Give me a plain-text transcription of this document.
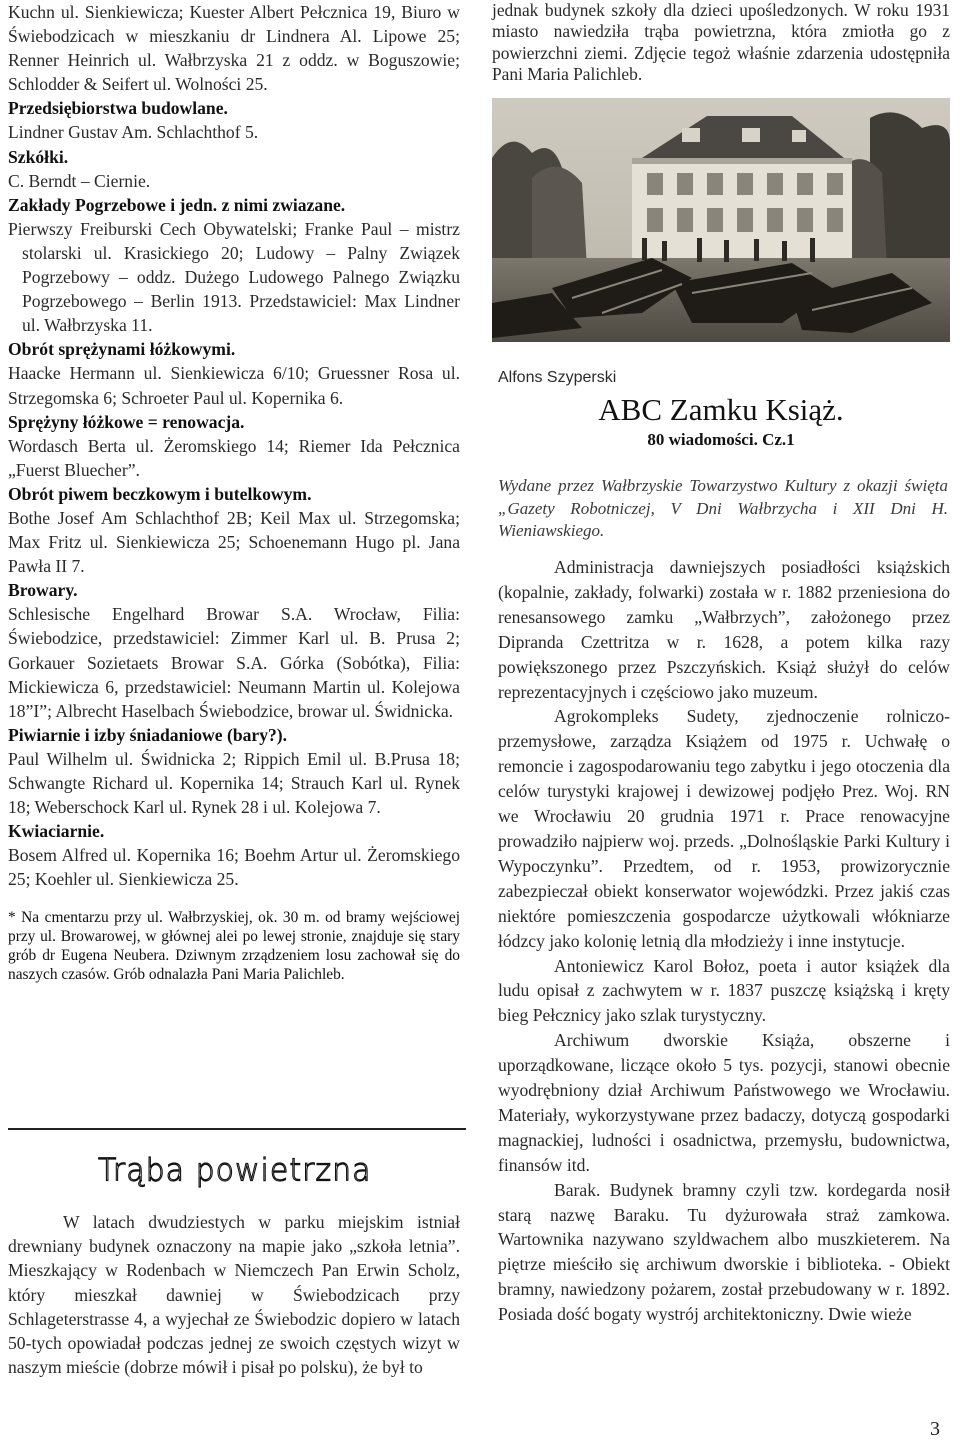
Kuchn ul. Sienkiewicza; Kuester Albert Pełcznica 19, Biuro w Świebodzicach w mieszkaniu dr Lindnera Al. Lipowe 25; Renner Heinrich ul. Wałbrzyska 21 z oddz. w Boguszowie; Schlodder & Seifert ul. Wolności 25.

Przedsiębiorstwa budowlane.

Lindner Gustav Am. Schlachthof 5.

Szkółki.

C. Berndt – Ciernie.

Zakłady Pogrzebowe i jedn. z nimi zwiazane.

Pierwszy Freiburski Cech Obywatelski; Franke Paul – mistrz stolarski ul. Krasickiego 20; Ludowy – Palny Związek Pogrzebowy – oddz. Dużego Ludowego Palnego Związku Pogrzebowego – Berlin 1913. Przedstawiciel: Max Lindner ul. Wałbrzyska 11.

Obrót sprężynami łóżkowymi.

Haacke Hermann ul. Sienkiewicza 6/10; Gruessner Rosa ul. Strzegomska 6; Schroeter Paul ul. Kopernika 6.

Sprężyny łóżkowe = renowacja.

Wordasch Berta ul. Żeromskiego 14; Riemer Ida Pełcznica „Fuerst Bluecher”.

Obrót piwem beczkowym i butelkowym.

Bothe Josef Am Schlachthof 2B; Keil Max ul. Strzegomska; Max Fritz ul. Sienkiewicza 25; Schoenemann Hugo pl. Jana Pawła II 7.

Browary.

Schlesische Engelhard Browar S.A. Wrocław, Filia: Świebodzice, przedstawiciel: Zimmer Karl ul. B. Prusa 2; Gorkauer Sozietaets Browar S.A. Górka (Sobótka), Filia: Mickiewicza 6, przedstawiciel: Neumann Martin ul. Kolejowa 18”I”; Albrecht Haselbach Świebodzice, browar ul. Świdnicka.

Piwiarnie i izby śniadaniowe (bary?).

Paul Wilhelm ul. Świdnicka 2; Rippich Emil ul. B.Prusa 18; Schwangte Richard ul. Kopernika 14; Strauch Karl ul. Rynek 18; Weberschock Karl ul. Rynek 28 i ul. Kolejowa 7.

Kwiaciarnie.

Bosem Alfred ul. Kopernika 16; Boehm Artur ul. Żeromskiego 25; Koehler ul. Sienkiewicza 25.

* Na cmentarzu przy ul. Wałbrzyskiej, ok. 30 m. od bramy wejściowej przy ul. Browarowej, w głównej alei po lewej stronie, znajduje się stary grób dr Eugena Neubera. Dziwnym zrządzeniem losu zachował się do naszych czasów. Grób odnalazła Pani Maria Palichleb.

Trąba powietrzna

W latach dwudziestych w parku miejskim istniał drewniany budynek oznaczony na mapie jako „szkoła letnia”. Mieszkający w Rodenbach w Niemczech Pan Erwin Scholz, który mieszkał dawniej w Świebodzicach przy Schlageterstrasse 4, a wyjechał ze Świebodzic dopiero w latach 50-tych opowiadał podczas jednej ze swoich częstych wizyt w naszym mieście (dobrze mówił i pisał po polsku), że był to

jednak budynek szkoły dla dzieci upośledzonych. W roku 1931 miasto nawiedziła trąba powietrzna, która zmiotła go z powierzchni ziemi. Zdjęcie tegoż właśnie zdarzenia udostępniła Pani Maria Palichleb.

Alfons Szyperski
ABC Zamku Książ.
80 wiadomości. Cz.1

Wydane przez Wałbrzyskie Towarzystwo Kultury z okazji święta „Gazety Robotniczej, V Dni Wałbrzycha i XII Dni H. Wieniawskiego.

Administracja dawniejszych posiadłości książskich (kopalnie, zakłady, folwarki) została w r. 1882 przeniesiona do renesansowego zamku „Wałbrzych”, założonego przez Dipranda Czettritza w r. 1628, a potem kilka razy powiększonego przez Pszczyńskich. Książ służył do celów reprezentacyjnych i częściowo jako muzeum.

Agrokompleks Sudety, zjednoczenie rolniczo-przemysłowe, zarządza Książem od 1975 r. Uchwałę o remoncie i zagospodarowaniu tego zabytku i jego otoczenia dla celów turystyki krajowej i dewizowej podjęło Prez. Woj. RN we Wrocławiu 20 grudnia 1971 r. Prace renowacyjne prowadziło najpierw woj. przeds. „Dolnośląskie Parki Kultury i Wypoczynku”. Przedtem, od r. 1953, prowizorycznie zabezpieczał obiekt konserwator wojewódzki. Przez jakiś czas niektóre pomieszczenia gospodarcze użytkowali włókniarze łódzcy jako kolonię letnią dla młodzieży i inne instytucje.

Antoniewicz Karol Bołoz, poeta i autor książek dla ludu opisał z zachwytem w r. 1837 puszczę książską i kręty bieg Pełcznicy jako szlak turystyczny.

Archiwum dworskie Książa, obszerne i uporządkowane, liczące około 5 tys. pozycji, stanowi obecnie wyodrębniony dział Archiwum Państwowego we Wrocławiu. Materiały, wykorzystywane przez badaczy, dotyczą gospodarki magnackiej, ludności i osadnictwa, przemysłu, budownictwa, finansów itd.

Barak. Budynek bramny czyli tzw. kordegarda nosił starą nazwę Baraku. Tu dyżurowała straż zamkowa. Wartownika nazywano szyldwachem albo muszkieterem. Na piętrze mieściło się archiwum dworskie i biblioteka. - Obiekt bramny, nawiedzony pożarem, został przebudowany w r. 1892. Posiada dość bogaty wystrój architektoniczny. Dwie wieże

3
